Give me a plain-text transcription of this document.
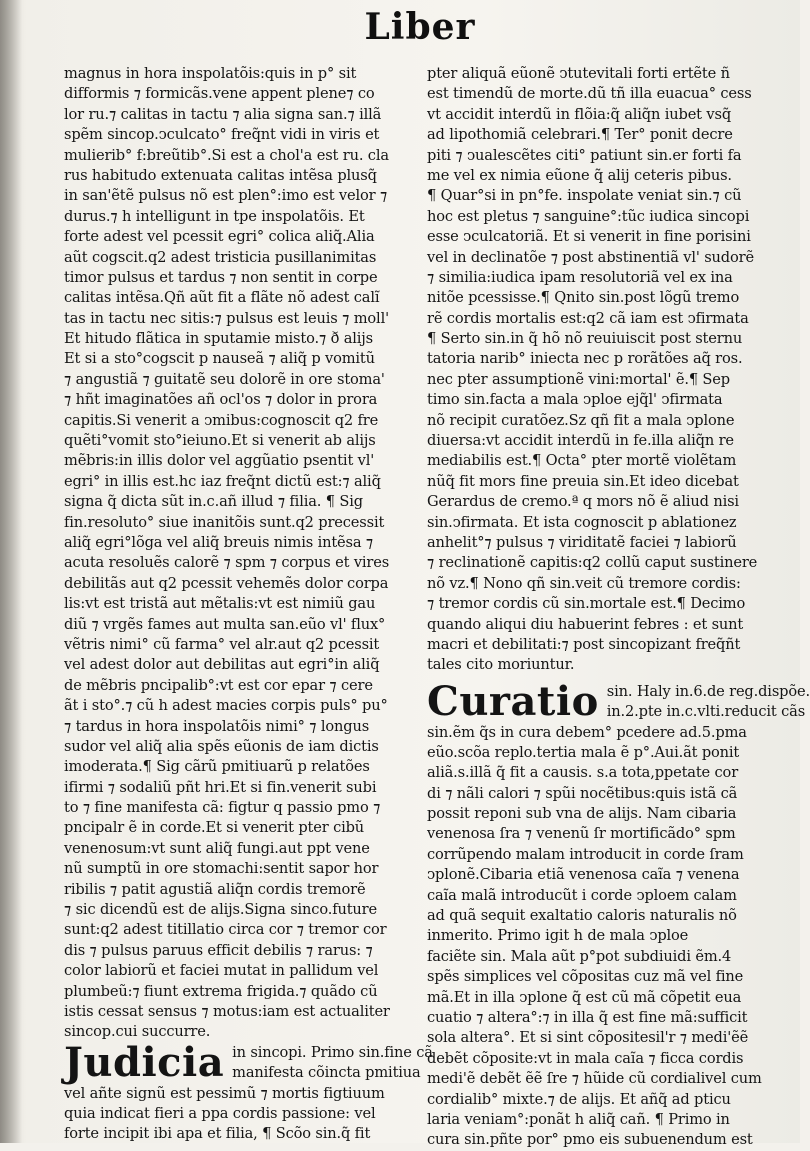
Liber
magnus in hora inspolatõis:quis in p° sit
difformis ⁊ formicãs.vene appent plene⁊ co
lor ru.⁊ calitas in tactu ⁊ alia signa san.⁊ illã
spẽm sincop.ↄculcato° freq̃nt vidi in viris et
mulierib° f:breũtib°.Si est a chol'a est ru. cla
rus habitudo extenuata calitas intẽsa plusq̃
in san'ẽtẽ pulsus nõ est plen°:imo est velor ⁊
durus.⁊ h intelligunt in tpe inspolatõis. Et
forte adest vel pcessit egri° colica aliq̃.Alia
aũt cogscit.q2 adest tristicia pusillanimitas
timor pulsus et tardus ⁊ non sentit in corpe
calitas intẽsa.Qñ aũt fit a flãte nõ adest calĩ
tas in tactu nec sitis:⁊ pulsus est leuis ⁊ moll'
Et hitudo flãtica in sputamie misto.⁊ ð alijs
Et si a sto°cogscit p nauseã ⁊ aliq̃ p vomitũ
⁊ angustiã ⁊ guitatẽ seu dolorẽ in ore stoma'
⁊ hñt imaginatões añ ocl'os ⁊ dolor in prora
capitis.Si venerit a ↄmibus:cognoscit q2 fre
quẽti°vomit sto°ieiuno.Et si venerit ab alijs
mẽbris:in illis dolor vel aggũatio psentit vl'
egri° in illis est.hc iaz freq̃nt dictũ est:⁊ aliq̃
signa q̃ dicta sũt in.c.añ illud ⁊ filia. ¶ Sig
fin.resoluto° siue inanitõis sunt.q2 precessit
aliq̃ egri°lõga vel aliq̃ breuis nimis intẽsa ⁊
acuta resoluẽs calorẽ ⁊ spm ⁊ corpus et vires
debilitãs aut q2 pcessit vehemẽs dolor corpa
lis:vt est tristã aut mẽtalis:vt est nimiũ gau
diũ ⁊ vrgẽs fames aut multa san.eũo vl' flux°
vẽtris nimi° cũ farma° vel alr.aut q2 pcessit
vel adest dolor aut debilitas aut egri°in aliq̃
de mẽbris pncipalib°:vt est cor epar ⁊ cere
ãt i sto°.⁊ cũ h adest macies corpis puls° pu°
⁊ tardus in hora inspolatõis nimi° ⁊ longus
sudor vel aliq̃ alia spẽs eũonis de iam dictis
imoderata.¶ Sig cãrũ pmitiuarũ p relatões
ifirmi ⁊ sodaliũ pñt hri.Et si fin.venerit subi
to ⁊ fine manifesta cã: figtur q passio pmo ⁊
pncipalr ẽ in corde.Et si venerit pter cibũ
venenosum:vt sunt aliq̃ fungi.aut ppt vene
nũ sumptũ in ore stomachi:sentit sapor hor
ribilis ⁊ patit agustiã aliq̃n cordis tremorẽ
⁊ sic dicendũ est de alijs.Signa sinco.future
sunt:q2 adest titillatio circa cor ⁊ tremor cor
dis ⁊ pulsus paruus efficit debilis ⁊ rarus: ⁊
color labiorũ et faciei mutat in pallidum vel
plumbeũ:⁊ fiunt extrema frigida.⁊ quãdo cũ
istis cessat sensus ⁊ motus:iam est actualiter
sincop.cui succurre.
Judicia in sincopi. Primo sin.fine cã
manifesta cõincta pmitiua
vel añte signũ est pessimũ ⁊ mortis figtiuum
quia indicat fieri a ppa cordis passione: vel
forte incipit ibi apa et filia, ¶ Scõo sin.q̃ fit
pter aliquã eũonẽ ↄtutevitali forti ertẽte ñ
est timendũ de morte.dũ tñ illa euacua° cess
vt accidit interdũ in flõia:q̃ aliq̃n iubet vsq̃
ad lipothomiã celebrari.¶ Ter° ponit decre
piti ⁊ ↄualescẽtes citi° patiunt sin.er forti fa
me vel ex nimia eũone q̃ alij ceteris pibus.
¶ Quar°si in pn°fe. inspolate veniat sin.⁊ cũ
hoc est pletus ⁊ sanguine°:tũc iudica sincopi
esse ↄculcatoriã. Et si venerit in fine porisini
vel in declinatõe ⁊ post abstinentiã vl' sudorẽ
⁊ similia:iudica ipam resolutoriã vel ex ina
nitõe pcessisse.¶ Qnito sin.post lõgũ tremo
rẽ cordis mortalis est:q2 cã iam est ↄfirmata
¶ Serto sin.in q̃ hõ nõ reuiuiscit post sternu
tatoria narib° iniecta nec p rorãtões aq̃ ros.
nec pter assumptionẽ vini:mortal' ẽ.¶ Sep
timo sin.facta a mala ↄploe ejq̃l' ↄfirmata
nõ recipit curatõez.Sz qñ fit a mala ↄplone
diuersa:vt accidit interdũ in fe.illa aliq̃n re
mediabilis est.¶ Octa° pter mortẽ violẽtam
nũq̃ fit mors fine preuia sin.Et ideo dicebat
Gerardus de cremo.ª q mors nõ ẽ aliud nisi
sin.ↄfirmata. Et ista cognoscit p ablationez
anhelit°⁊ pulsus ⁊ viriditatẽ faciei ⁊ labiorũ
⁊ reclinationẽ capitis:q2 collũ caput sustinere
nõ vz.¶ Nono qñ sin.veit cũ tremore cordis:
⁊ tremor cordis cũ sin.mortale est.¶ Decimo
quando aliqui diu habuerint febres : et sunt
macri et debilitati:⁊ post sincopizant freq̃ñt
tales cito moriuntur.
Curatio sin. Haly in.6.de reg.dispõe.
in.2.pte in.c.vlti.reducit cãs
sin.ẽm q̃s in cura debem° pcedere ad.5.pma
eũo.scõa replo.tertia mala ẽ p°.Aui.ãt ponit
aliã.s.illã q̃ fit a causis. s.a tota,ppetate cor
di ⁊ nãli calori ⁊ spũi nocẽtibus:quis istã cã
possit reponi sub vna de alijs. Nam cibaria
venenosa ſra ⁊ venenũ ſr mortificãdo° spm
corrũpendo malam introducit in corde ſram
ↄplonẽ.Cibaria etiã venenosa caĩa ⁊ venena
caĩa malã introducũt i corde ↄploem calam
ad quã sequit exaltatio caloris naturalis nõ
inmerito. Primo igit h de mala ↄploe
faciẽte sin. Mala aũt p°pot subdiuidi ẽm.4
spẽs simplices vel cõpositas cuz mã vel fine
mã.Et in illa ↄplone q̃ est cũ mã cõpetit eua
cuatio ⁊ altera°:⁊ in illa q̃ est fine mã:sufficit
sola altera°. Et si sint cõpositesil'r ⁊ medi'ẽẽ
debẽt cõposite:vt in mala caĩa ⁊ ficca cordis
medi'ẽ debẽt ẽẽ ſre ⁊ hũide cũ cordialivel cum
cordialib° mixte.⁊ de alijs. Et añq̃ ad pticu
laria veniam°:ponãt h aliq̃ cañ. ¶ Primo in
cura sin.pñte por° pmo eis subuenendum est
